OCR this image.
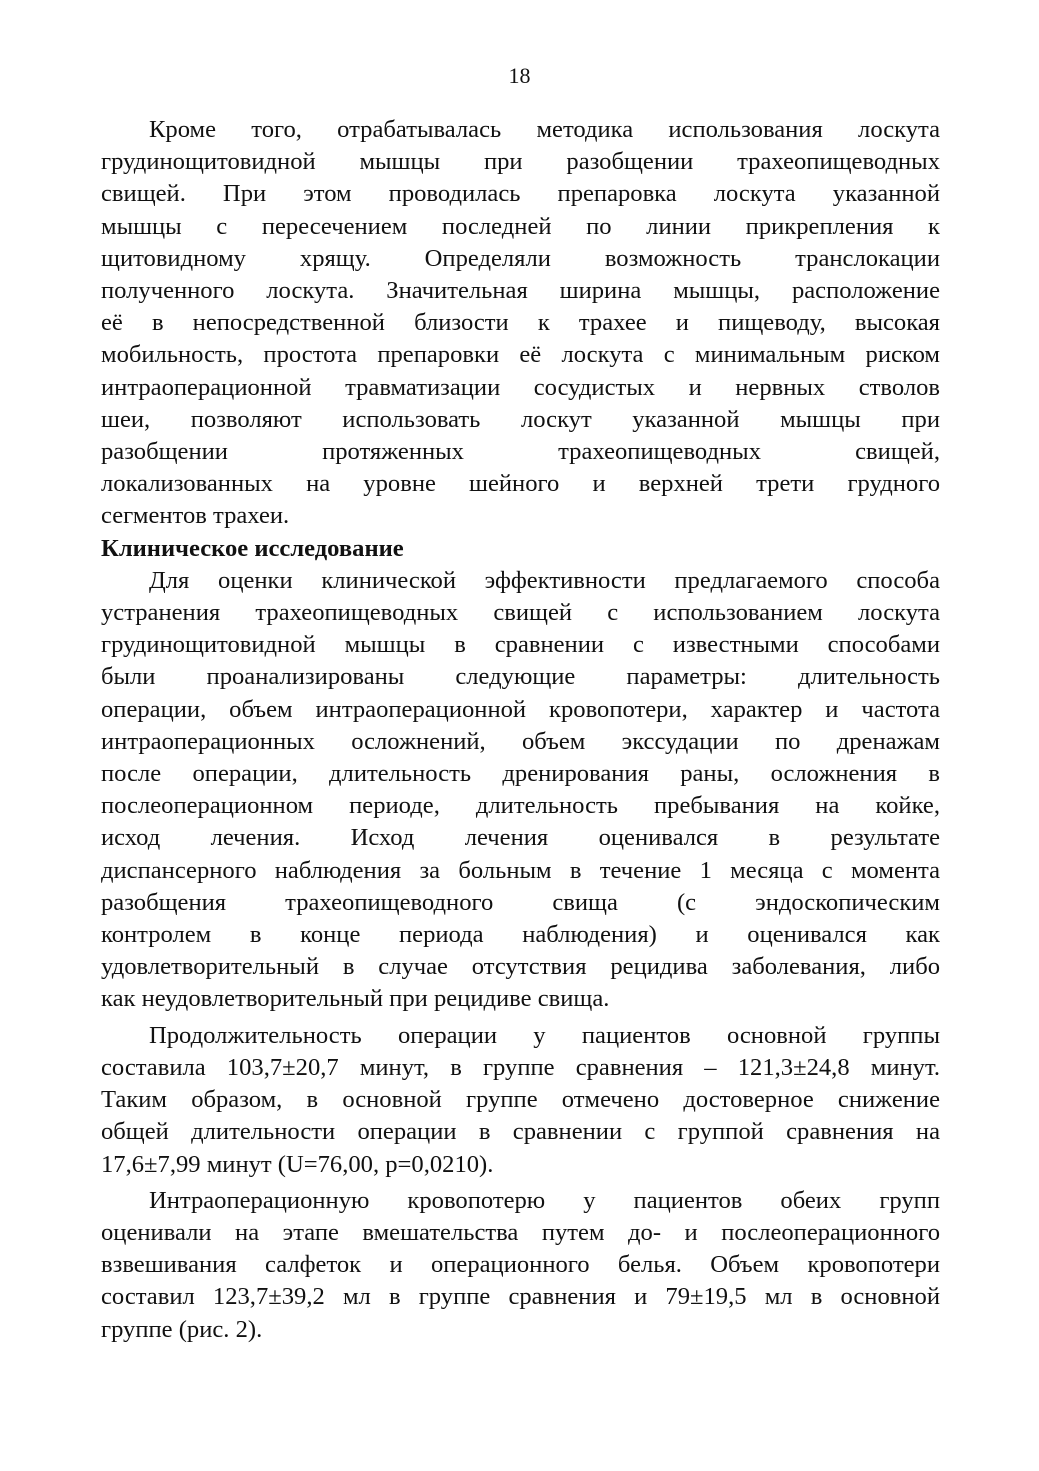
18
Кроме того, отрабатывалась методика использования лоскута
грудинощитовидной мышцы при разобщении трахеопищеводных
свищей. При этом проводилась препаровка лоскута указанной
мышцы с пересечением последней по линии прикрепления к
щитовидному хрящу. Определяли возможность транслокации
полученного лоскута. Значительная ширина мышцы, расположение
её в непосредственной близости к трахее и пищеводу, высокая
мобильность, простота препаровки её лоскута с минимальным риском
интраоперационной травматизации сосудистых и нервных стволов
шеи, позволяют использовать лоскут указанной мышцы при
разобщении протяженных трахеопищеводных свищей,
локализованных на уровне шейного и верхней трети грудного
сегментов трахеи.
Клиническое исследование
Для оценки клинической эффективности предлагаемого способа
устранения трахеопищеводных свищей с использованием лоскута
грудинощитовидной мышцы в сравнении с известными способами
были проанализированы следующие параметры: длительность
операции, объем интраоперационной кровопотери, характер и частота
интраоперационных осложнений, объем экссудации по дренажам
после операции, длительность дренирования раны, осложнения в
послеоперационном периоде, длительность пребывания на койке,
исход лечения. Исход лечения оценивался в результате
диспансерного наблюдения за больным в течение 1 месяца с момента
разобщения трахеопищеводного свища (с эндоскопическим
контролем в конце периода наблюдения) и оценивался как
удовлетворительный в случае отсутствия рецидива заболевания, либо
как неудовлетворительный при рецидиве свища.
Продолжительность операции у пациентов основной группы
составила 103,7±20,7 минут, в группе сравнения – 121,3±24,8 минут.
Таким образом, в основной группе отмечено достоверное снижение
общей длительности операции в сравнении с группой сравнения на
17,6±7,99 минут (U=76,00, p=0,0210).
Интраоперационную кровопотерю у пациентов обеих групп
оценивали на этапе вмешательства путем до- и послеоперационного
взвешивания салфеток и операционного белья. Объем кровопотери
составил 123,7±39,2 мл в группе сравнения и 79±19,5 мл в основной
группе (рис. 2).
